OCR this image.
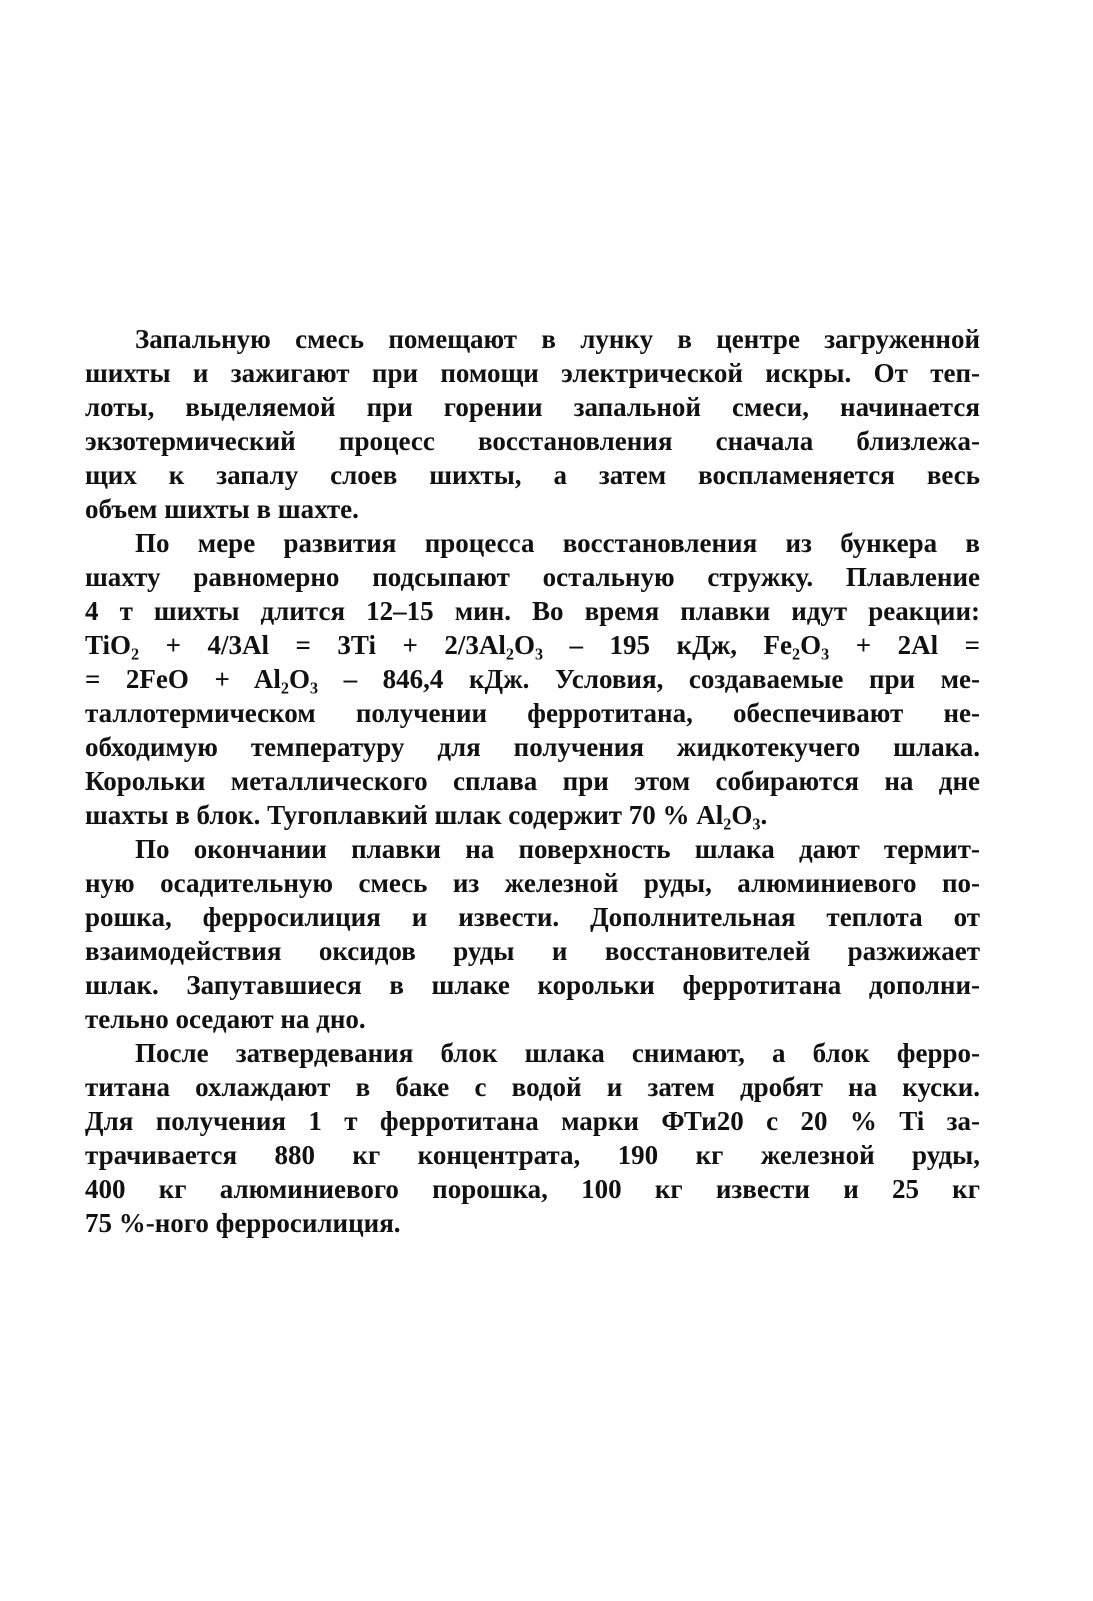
Запальную смесь помещают в лунку в центре загруженной
шихты и зажигают при помощи электрической искры. От теп-
лоты, выделяемой при горении запальной смеси, начинается
экзотермический процесс восстановления сначала близлежа-
щих к запалу слоев шихты, а затем воспламеняется весь
объем шихты в шахте.

По мере развития процесса восстановления из бункера в
шахту равномерно подсыпают остальную стружку. Плавление
4 т шихты длится 12–15 мин. Во время плавки идут реакции:
TiO₂ + 4/3Al = 3Ti + 2/3Al₂O₃ – 195 кДж, Fe₂O₃ + 2Al =
= 2FeO + Al₂O₃ – 846,4 кДж. Условия, создаваемые при ме-
таллотермическом получении ферротитана, обеспечивают не-
обходимую температуру для получения жидкотекучего шлака.
Корольки металлического сплава при этом собираются на дне
шахты в блок. Тугоплавкий шлак содержит 70 % Al₂O₃.

По окончании плавки на поверхность шлака дают термит-
ную осадительную смесь из железной руды, алюминиевого по-
рошка, ферросилиция и извести. Дополнительная теплота от
взаимодействия оксидов руды и восстановителей разжижает
шлак. Запутавшиеся в шлаке корольки ферротитана дополни-
тельно оседают на дно.

После затвердевания блок шлака снимают, а блок ферро-
титана охлаждают в баке с водой и затем дробят на куски.
Для получения 1 т ферротитана марки ФТи20 с 20 % Ti за-
трачивается 880 кг концентрата, 190 кг железной руды,
400 кг алюминиевого порошка, 100 кг извести и 25 кг
75 %-ного ферросилиция.
